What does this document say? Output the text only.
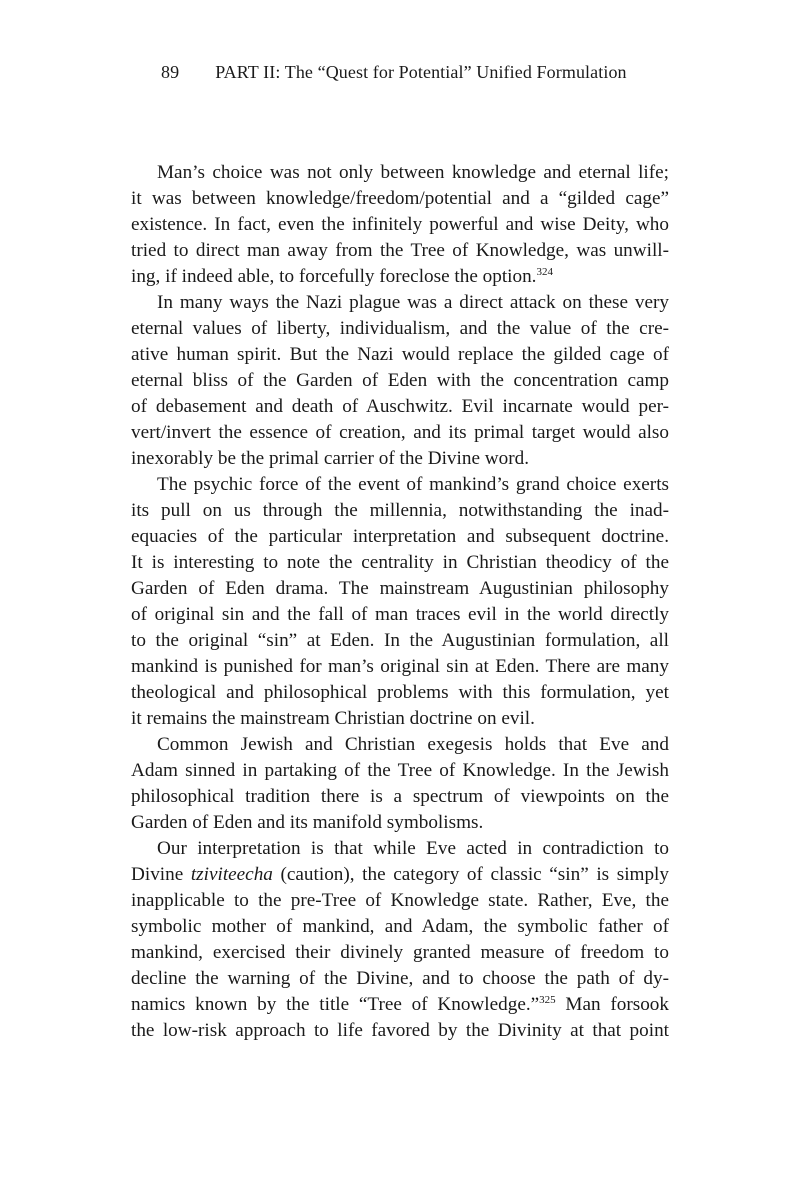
89 PART II: The “Quest for Potential” Unified Formulation
Man’s choice was not only between knowledge and eternal life;
it was between knowledge/freedom/potential and a “gilded cage”
existence. In fact, even the infinitely powerful and wise Deity, who
tried to direct man away from the Tree of Knowledge, was unwill-
ing, if indeed able, to forcefully foreclose the option.$^{324}$
In many ways the Nazi plague was a direct attack on these very
eternal values of liberty, individualism, and the value of the cre-
ative human spirit. But the Nazi would replace the gilded cage of
eternal bliss of the Garden of Eden with the concentration camp
of debasement and death of Auschwitz. Evil incarnate would per-
vert/invert the essence of creation, and its primal target would also
inexorably be the primal carrier of the Divine word.
The psychic force of the event of mankind’s grand choice exerts
its pull on us through the millennia, notwithstanding the inad-
equacies of the particular interpretation and subsequent doctrine.
It is interesting to note the centrality in Christian theodicy of the
Garden of Eden drama. The mainstream Augustinian philosophy
of original sin and the fall of man traces evil in the world directly
to the original “sin” at Eden. In the Augustinian formulation, all
mankind is punished for man’s original sin at Eden. There are many
theological and philosophical problems with this formulation, yet
it remains the mainstream Christian doctrine on evil.
Common Jewish and Christian exegesis holds that Eve and
Adam sinned in partaking of the Tree of Knowledge. In the Jewish
philosophical tradition there is a spectrum of viewpoints on the
Garden of Eden and its manifold symbolisms.
Our interpretation is that while Eve acted in contradiction to
Divine tziviteecha (caution), the category of classic “sin” is simply
inapplicable to the pre-Tree of Knowledge state. Rather, Eve, the
symbolic mother of mankind, and Adam, the symbolic father of
mankind, exercised their divinely granted measure of freedom to
decline the warning of the Divine, and to choose the path of dy-
namics known by the title “Tree of Knowledge.”$^{325}$ Man forsook
the low-risk approach to life favored by the Divinity at that point
